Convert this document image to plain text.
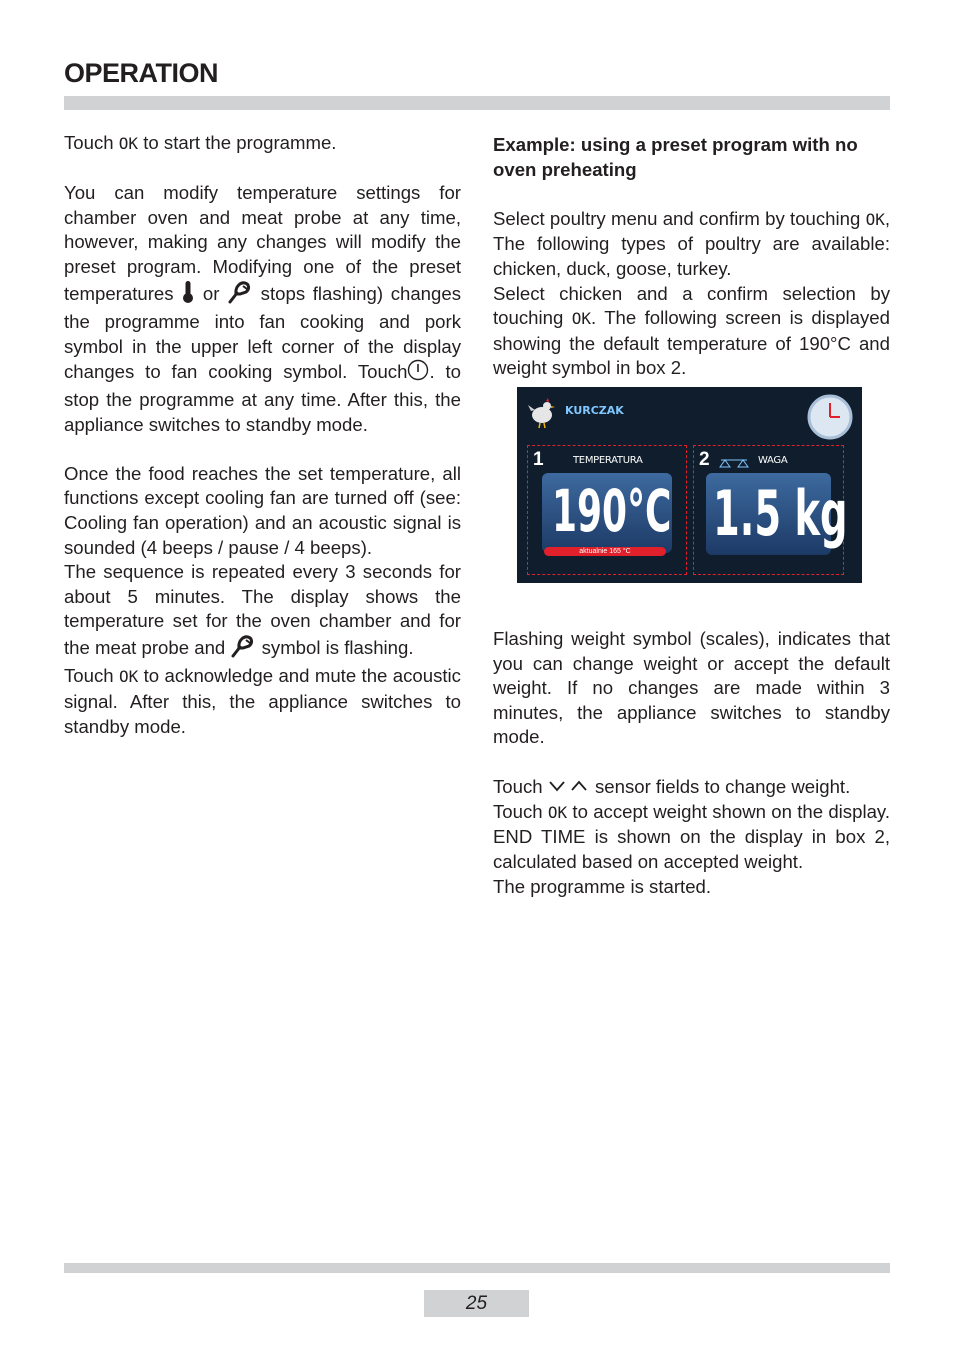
OPERATION

Touch OK to start the programme.

You can modify temperature settings for chamber oven and meat probe at any time, however, making any changes will modify the preset program. Modifying one of the preset temperatures  or  stops flashing) changes the programme into fan cooking and pork symbol in the upper left corner of the display changes to fan cooking symbol. Touch . to stop the programme at any time. After this, the appliance switches to standby mode.

Once the food reaches the set temperature, all functions except cooling fan are turned off (see: Cooling fan operation) and an acoustic signal is sounded (4 beeps / pause / 4 beeps).

The sequence is repeated every 3 seconds for about 5 minutes. The display shows the temperature set for the oven chamber and for the meat probe and  symbol is flashing.

Touch OK to acknowledge and mute the acoustic signal. After this, the appliance switches to standby mode.

Example: using a preset program with no oven preheating

Select poultry menu and confirm by touching OK, The following types of poultry are available: chicken, duck, goose, turkey.

Select chicken and a confirm selection by touching OK. The following screen is displayed showing the default temperature of 190°C and weight symbol in box 2.

Flashing weight symbol (scales), indicates that you can change weight or accept the default weight. If no changes are made within 3 minutes, the appliance switches to standby mode.

Touch  sensor fields to change weight.

Touch OK to accept weight shown on the display. END TIME is shown on the display in box 2, calculated based on accepted weight.

The programme is started.

KURCZAK
1	TEMPERATURA
190°C
aktualnie 165 °C
2	WAGA
1.5 kg
25
